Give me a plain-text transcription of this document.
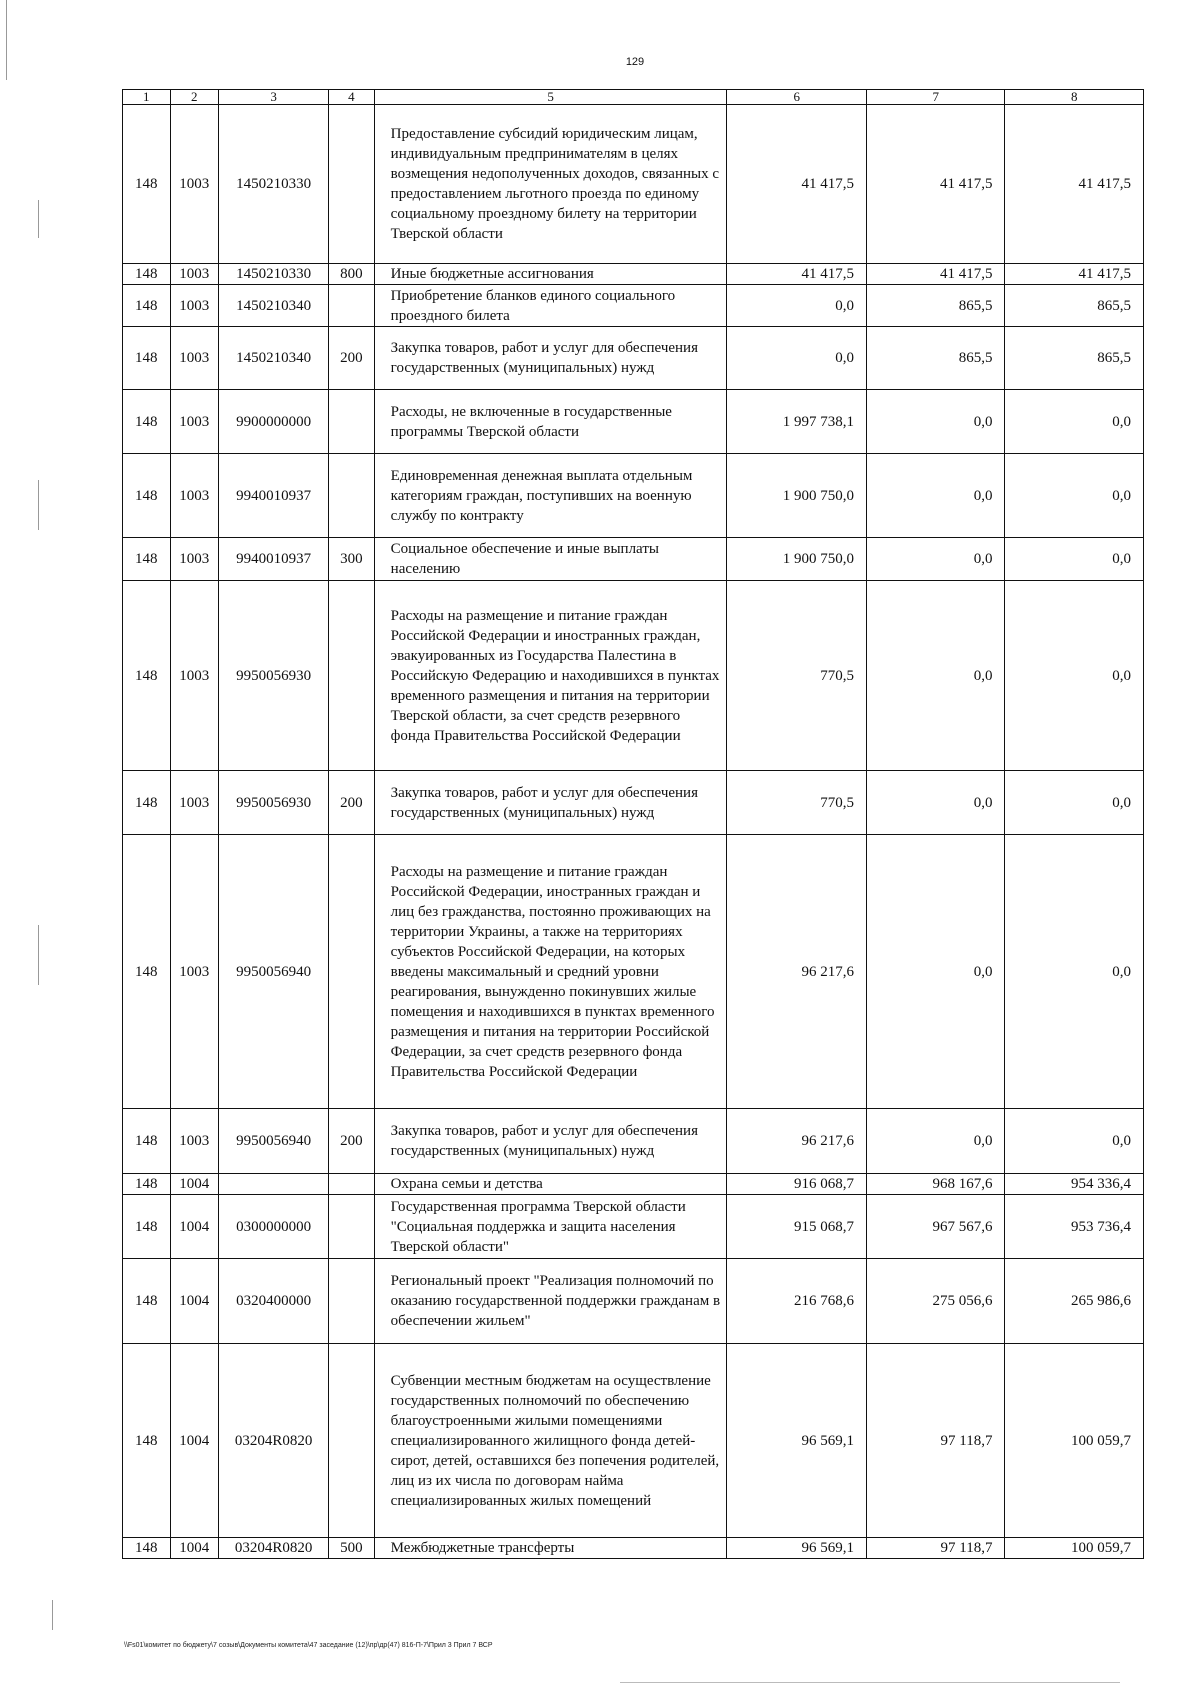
129
1	2	3	4	5	6	7	8
148	1003	1450210330		Предоставление субсидий юридическим лицам, индивидуальным предпринимателям в целях возмещения недополученных доходов, связанных с предоставлением льготного проезда по единому социальному проездному билету на территории Тверской области	41 417,5	41 417,5	41 417,5
148	1003	1450210330	800	Иные бюджетные ассигнования	41 417,5	41 417,5	41 417,5
148	1003	1450210340		Приобретение бланков единого социального проездного билета	0,0	865,5	865,5
148	1003	1450210340	200	Закупка товаров, работ и услуг для обеспечения государственных (муниципальных) нужд	0,0	865,5	865,5
148	1003	9900000000		Расходы, не включенные в государственные программы Тверской области	1 997 738,1	0,0	0,0
148	1003	9940010937		Единовременная денежная выплата отдельным категориям граждан, поступивших на военную службу по контракту	1 900 750,0	0,0	0,0
148	1003	9940010937	300	Социальное обеспечение и иные выплаты населению	1 900 750,0	0,0	0,0
148	1003	9950056930		Расходы на размещение и питание граждан Российской Федерации и иностранных граждан, эвакуированных из Государства Палестина в Российскую Федерацию и находившихся в пунктах временного размещения и питания на территории Тверской области, за счет средств резервного фонда Правительства Российской Федерации	770,5	0,0	0,0
148	1003	9950056930	200	Закупка товаров, работ и услуг для обеспечения государственных (муниципальных) нужд	770,5	0,0	0,0
148	1003	9950056940		Расходы на размещение и питание граждан Российской Федерации, иностранных граждан и лиц без гражданства, постоянно проживающих на территории Украины, а также на территориях субъектов Российской Федерации, на которых введены максимальный и средний уровни реагирования, вынужденно покинувших жилые помещения и находившихся в пунктах временного размещения и питания на территории Российской Федерации, за счет средств резервного фонда Правительства Российской Федерации	96 217,6	0,0	0,0
148	1003	9950056940	200	Закупка товаров, работ и услуг для обеспечения государственных (муниципальных) нужд	96 217,6	0,0	0,0
148	1004			Охрана семьи и детства	916 068,7	968 167,6	954 336,4
148	1004	0300000000		Государственная программа Тверской области "Социальная поддержка и защита населения Тверской области"	915 068,7	967 567,6	953 736,4
148	1004	0320400000		Региональный проект "Реализация полномочий по оказанию государственной поддержки гражданам в обеспечении жильем"	216 768,6	275 056,6	265 986,6
148	1004	03204R0820		Субвенции местным бюджетам на осуществление государственных полномочий по обеспечению благоустроенными жилыми помещениями специализированного жилищного фонда детей-сирот, детей, оставшихся без попечения родителей, лиц из их числа по договорам найма специализированных жилых помещений	96 569,1	97 118,7	100 059,7
148	1004	03204R0820	500	Межбюджетные трансферты	96 569,1	97 118,7	100 059,7
\\Fs01\комитет по бюджету\7 созыв\Документы комитета\47 заседание (12)\пр\др(47) 816-П-7\Прил 3 Прил 7 ВСР
